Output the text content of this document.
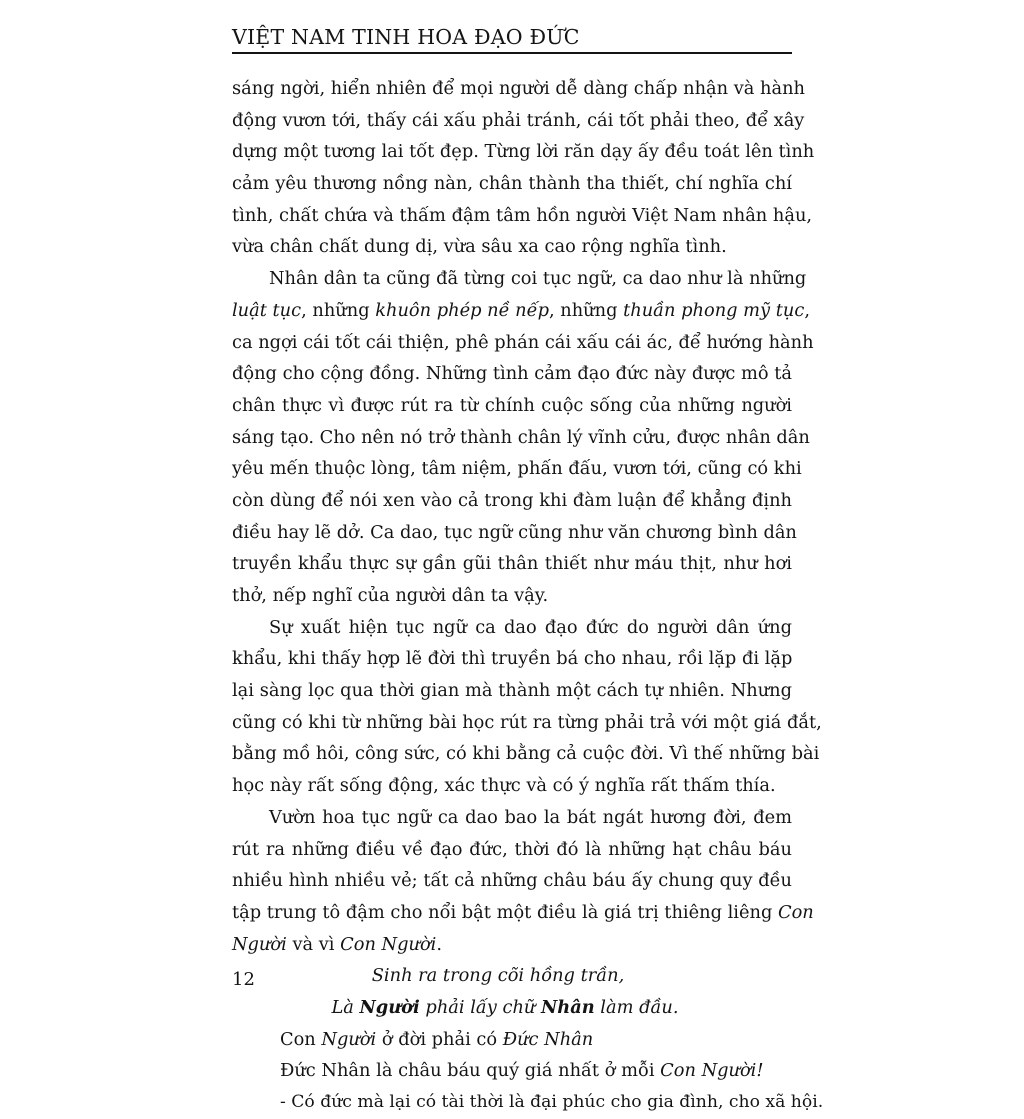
VIỆT NAM TINH HOA ĐẠO ĐỨC
sáng ngời, hiển nhiên để mọi người dễ dàng chấp nhận và hành
động vươn tới, thấy cái xấu phải tránh, cái tốt phải theo, để xây
dựng một tương lai tốt đẹp. Từng lời răn dạy ấy đều toát lên tình
cảm yêu thương nồng nàn, chân thành tha thiết, chí nghĩa chí
tình, chất chứa và thấm đậm tâm hồn người Việt Nam nhân hậu,
vừa chân chất dung dị, vừa sâu xa cao rộng nghĩa tình.
Nhân dân ta cũng đã từng coi tục ngữ, ca dao như là những
luật tục, những khuôn phép nề nếp, những thuần phong mỹ tục,
ca ngợi cái tốt cái thiện, phê phán cái xấu cái ác, để hướng hành
động cho cộng đồng. Những tình cảm đạo đức này được mô tả
chân thực vì được rút ra từ chính cuộc sống của những người
sáng tạo. Cho nên nó trở thành chân lý vĩnh cửu, được nhân dân
yêu mến thuộc lòng, tâm niệm, phấn đấu, vươn tới, cũng có khi
còn dùng để nói xen vào cả trong khi đàm luận để khẳng định
điều hay lẽ dở. Ca dao, tục ngữ cũng như văn chương bình dân
truyền khẩu thực sự gần gũi thân thiết như máu thịt, như hơi
thở, nếp nghĩ của người dân ta vậy.
Sự xuất hiện tục ngữ ca dao đạo đức do người dân ứng
khẩu, khi thấy hợp lẽ đời thì truyền bá cho nhau, rồi lặp đi lặp
lại sàng lọc qua thời gian mà thành một cách tự nhiên. Nhưng
cũng có khi từ những bài học rút ra từng phải trả với một giá đắt,
bằng mồ hôi, công sức, có khi bằng cả cuộc đời. Vì thế những bài
học này rất sống động, xác thực và có ý nghĩa rất thấm thía.
Vườn hoa tục ngữ ca dao bao la bát ngát hương đời, đem
rút ra những điều về đạo đức, thời đó là những hạt châu báu
nhiều hình nhiều vẻ; tất cả những châu báu ấy chung quy đều
tập trung tô đậm cho nổi bật một điều là giá trị thiêng liêng Con
Người và vì Con Người.
Sinh ra trong cõi hồng trần,
Là Người phải lấy chữ Nhân làm đầu.
Con Người ở đời phải có Đức Nhân
Đức Nhân là châu báu quý giá nhất ở mỗi Con Người!
- Có đức mà lại có tài thời là đại phúc cho gia đình, cho xã hội.
12
